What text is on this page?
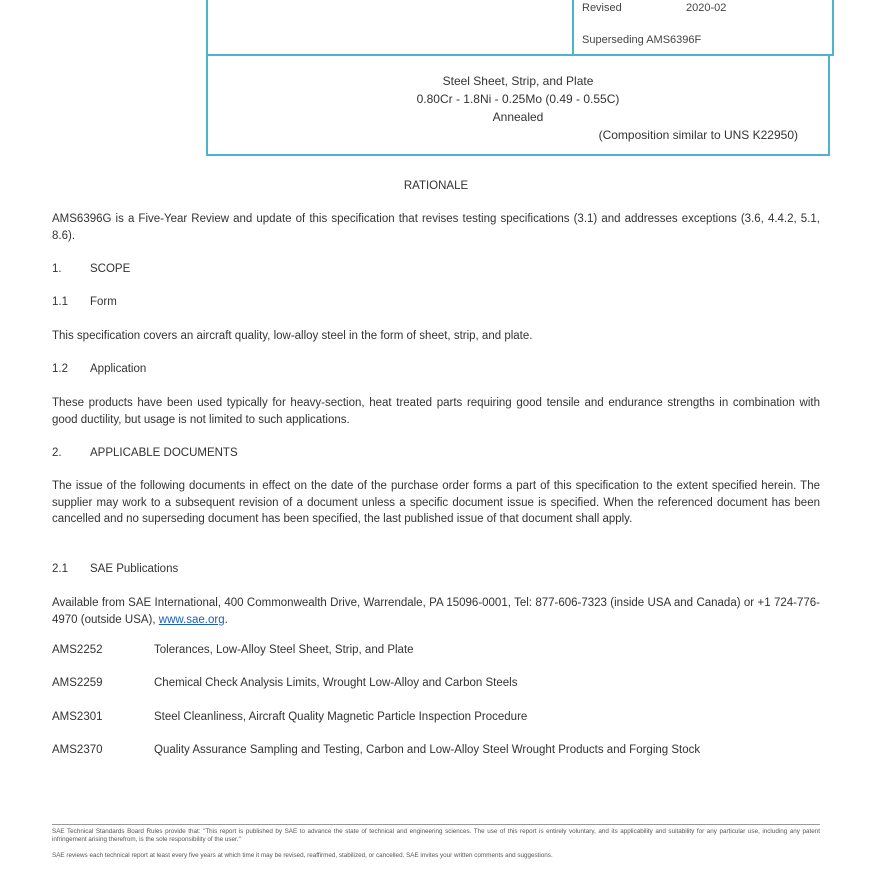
Revised	2020-02
Superseding AMS6396F
Steel Sheet, Strip, and Plate
0.80Cr - 1.8Ni - 0.25Mo (0.49 - 0.55C)
Annealed
(Composition similar to UNS K22950)
RATIONALE
AMS6396G is a Five-Year Review and update of this specification that revises testing specifications (3.1) and addresses exceptions (3.6, 4.4.2, 5.1, 8.6).
1. SCOPE
1.1 Form
This specification covers an aircraft quality, low-alloy steel in the form of sheet, strip, and plate.
1.2 Application
These products have been used typically for heavy-section, heat treated parts requiring good tensile and endurance strengths in combination with good ductility, but usage is not limited to such applications.
2. APPLICABLE DOCUMENTS
The issue of the following documents in effect on the date of the purchase order forms a part of this specification to the extent specified herein. The supplier may work to a subsequent revision of a document unless a specific document issue is specified. When the referenced document has been cancelled and no superseding document has been specified, the last published issue of that document shall apply.
2.1 SAE Publications
Available from SAE International, 400 Commonwealth Drive, Warrendale, PA 15096-0001, Tel: 877-606-7323 (inside USA and Canada) or +1 724-776-4970 (outside USA), www.sae.org.
AMS2252	Tolerances, Low-Alloy Steel Sheet, Strip, and Plate
AMS2259	Chemical Check Analysis Limits, Wrought Low-Alloy and Carbon Steels
AMS2301	Steel Cleanliness, Aircraft Quality Magnetic Particle Inspection Procedure
AMS2370	Quality Assurance Sampling and Testing, Carbon and Low-Alloy Steel Wrought Products and Forging Stock
SAE Technical Standards Board Rules provide that: "This report is published by SAE to advance the state of technical and engineering sciences. The use of this report is entirely voluntary, and its applicability and suitability for any particular use, including any patent infringement arising therefrom, is the sole responsibility of the user."
SAE reviews each technical report at least every five years at which time it may be revised, reaffirmed, stabilized, or cancelled. SAE invites your written comments and suggestions.
